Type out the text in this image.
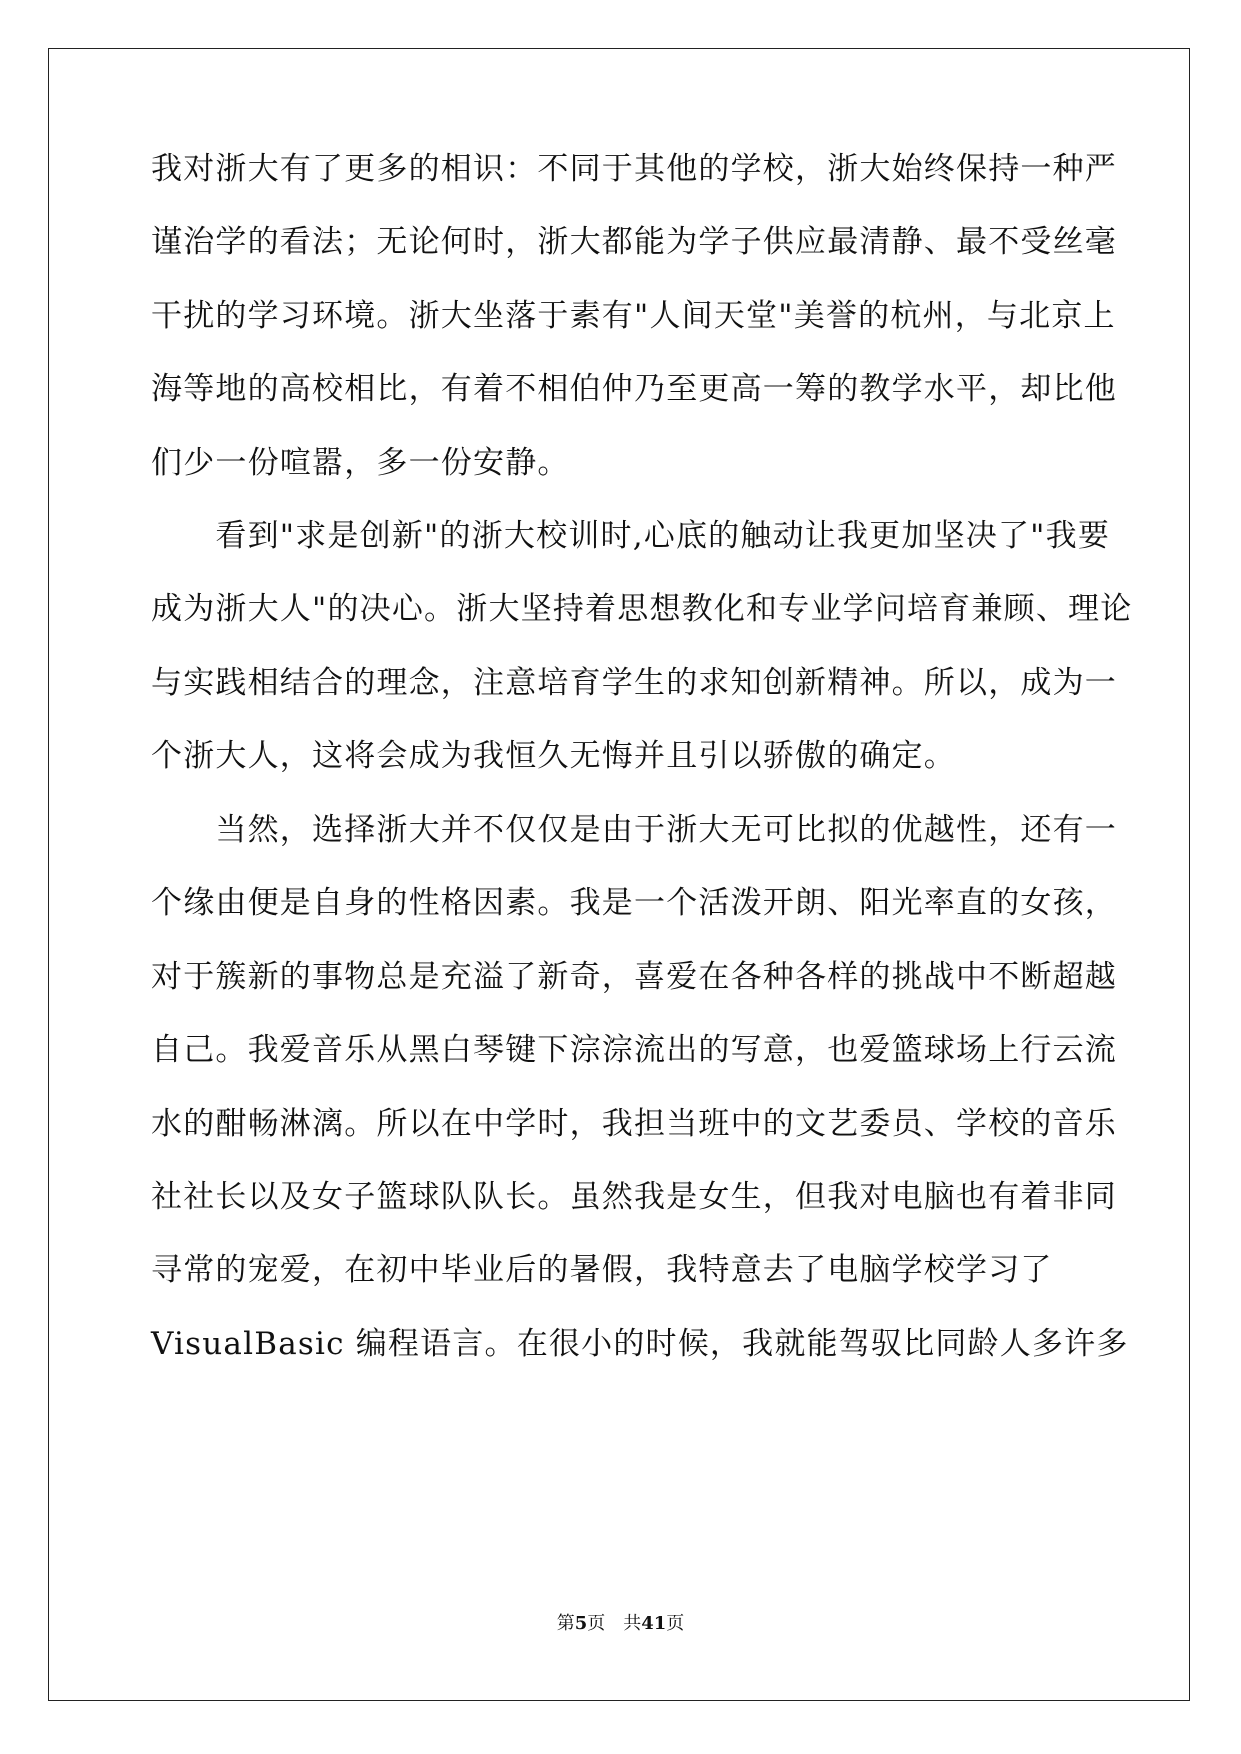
我对浙大有了更多的相识：不同于其他的学校，浙大始终保持一种严
谨治学的看法；无论何时，浙大都能为学子供应最清静、最不受丝毫
干扰的学习环境。浙大坐落于素有"人间天堂"美誉的杭州，与北京上
海等地的高校相比，有着不相伯仲乃至更高一筹的教学水平，却比他
们少一份喧嚣，多一份安静。
　　看到"求是创新"的浙大校训时,心底的触动让我更加坚决了"我要
成为浙大人"的决心。浙大坚持着思想教化和专业学问培育兼顾、理论
与实践相结合的理念，注意培育学生的求知创新精神。所以，成为一
个浙大人，这将会成为我恒久无悔并且引以骄傲的确定。
　　当然，选择浙大并不仅仅是由于浙大无可比拟的优越性，还有一
个缘由便是自身的性格因素。我是一个活泼开朗、阳光率直的女孩，
对于簇新的事物总是充溢了新奇，喜爱在各种各样的挑战中不断超越
自己。我爱音乐从黑白琴键下淙淙流出的写意，也爱篮球场上行云流
水的酣畅淋漓。所以在中学时，我担当班中的文艺委员、学校的音乐
社社长以及女子篮球队队长。虽然我是女生，但我对电脑也有着非同
寻常的宠爱，在初中毕业后的暑假，我特意去了电脑学校学习了
VisualBasic 编程语言。在很小的时候，我就能驾驭比同龄人多许多
第5页 共41页
